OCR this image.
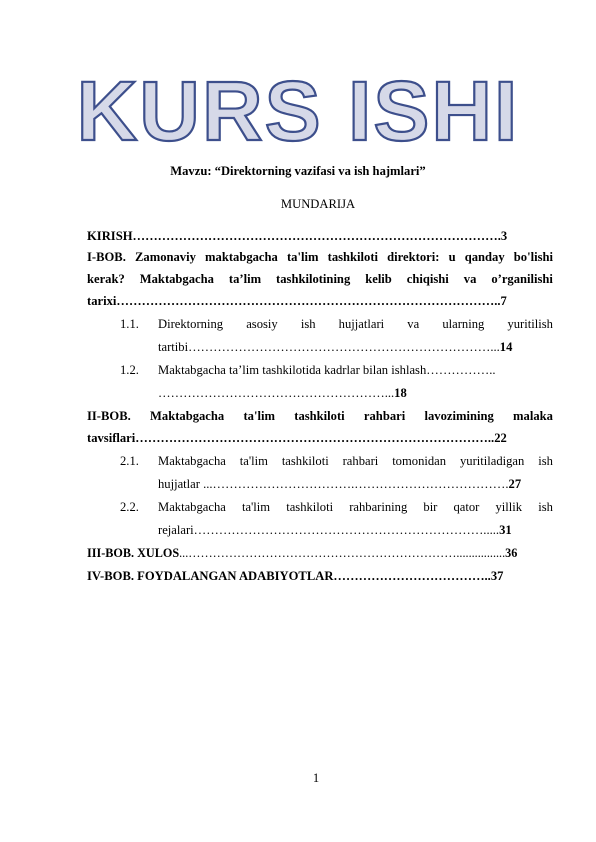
KURS ISHI
Mavzu: “Direktorning vazifasi va ish hajmlari”
MUNDARIJA
KIRISH…………………………………………………………………………….3
I-BOB. Zamonaviy maktabgacha ta'lim tashkiloti direktori: u qanday bo'lishi
kerak? Maktabgacha ta’lim tashkilotining kelib chiqishi va o’rganilishi
tarixi………………………………………………………………………………..7
1.1. Direktorning asosiy ish hujjatlari va ularning yuritilish
tartibi………………………………………………………………...14
1.2. Maktabgacha ta’lim tashkilotida kadrlar bilan ishlash……………..
………………………………………………...18
II-BOB. Maktabgacha ta'lim tashkiloti rahbari lavozimining malaka
tavsiflari…………………………………………………………………………..22
2.1. Maktabgacha ta'lim tashkiloti rahbari tomonidan yuritiladigan ish
hujjatlar ...…………………………….……………………………….27
2.2. Maktabgacha ta'lim tashkiloti rahbarining bir qator yillik ish
rejalari…………………………………………………………….....31
III-BOB. XULOS...…………………………………………………………................36
IV-BOB. FOYDALANGAN ADABIYOTLAR………………………………..37
1
